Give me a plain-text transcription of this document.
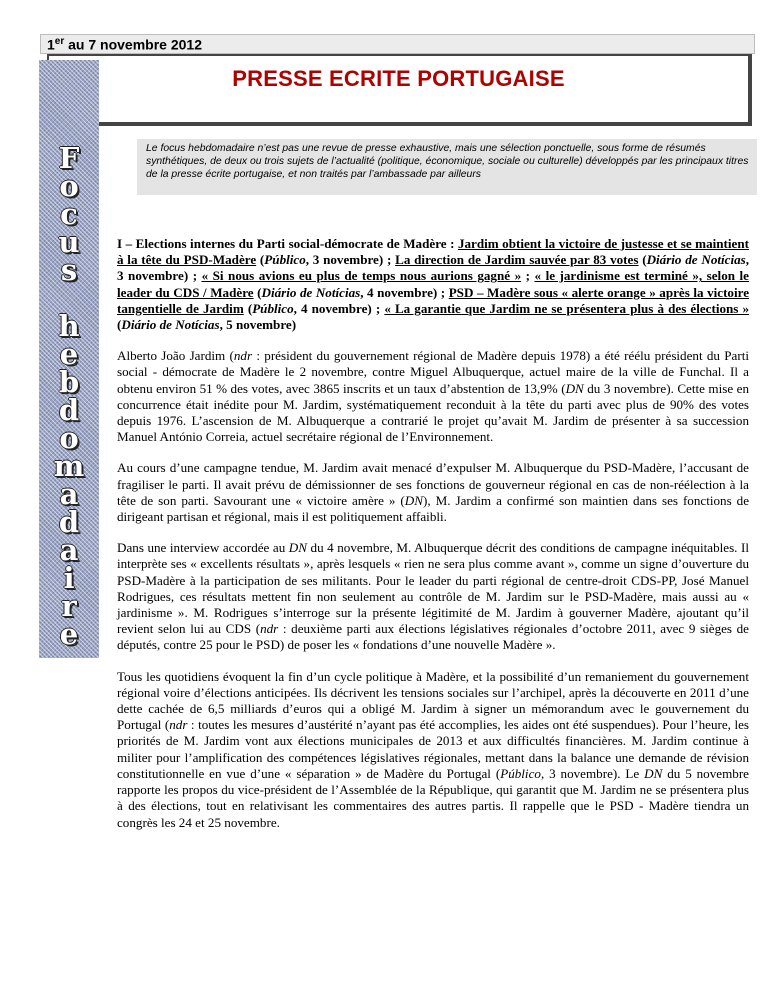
1er au 7 novembre 2012
PRESSE ECRITE PORTUGAISE
F
o
c
u
s
h
e
b
d
o
m
a
d
a
i
r
e
Le focus hebdomadaire n’est pas une revue de presse exhaustive, mais une sélection ponctuelle, sous forme de résumés synthétiques, de deux ou trois sujets de l’actualité (politique, économique, sociale ou culturelle) développés par les principaux titres de la presse écrite portugaise, et non traités par l’ambassade par ailleurs

I – Elections internes du Parti social-démocrate de Madère : Jardim obtient la victoire de justesse et se maintient à la tête du PSD-Madère (Público, 3 novembre) ; La direction de Jardim sauvée par 83 votes (Diário de Notícias, 3 novembre) ; « Si nous avions eu plus de temps nous aurions gagné » ; « le jardinisme est terminé », selon le leader du CDS / Madère (Diário de Notícias, 4 novembre) ; PSD – Madère sous « alerte orange » après la victoire tangentielle de Jardim (Público, 4 novembre) ; « La garantie que Jardim ne se présentera plus à des élections » (Diário de Notícias, 5 novembre)

Alberto João Jardim (ndr : président du gouvernement régional de Madère depuis 1978) a été réélu président du Parti social - démocrate de Madère le 2 novembre, contre Miguel Albuquerque, actuel maire de la ville de Funchal. Il a obtenu environ 51 % des votes, avec 3865 inscrits et un taux d’abstention de 13,9% (DN du 3 novembre). Cette mise en concurrence était inédite pour M. Jardim, systématiquement reconduit à la tête du parti avec plus de 90% des votes depuis 1976. L’ascension de M. Albuquerque a contrarié le projet qu’avait M. Jardim de présenter à sa succession Manuel António Correia, actuel secrétaire régional de l’Environnement.

Au cours d’une campagne tendue, M. Jardim avait menacé d’expulser M. Albuquerque du PSD-Madère, l’accusant de fragiliser le parti. Il avait prévu de démissionner de ses fonctions de gouverneur régional en cas de non-réélection à la tête de son parti. Savourant une « victoire amère » (DN), M. Jardim a confirmé son maintien dans ses fonctions de dirigeant partisan et régional, mais il est politiquement affaibli.

Dans une interview accordée au DN du 4 novembre, M. Albuquerque décrit des conditions de campagne inéquitables. Il interprète ses « excellents résultats », après lesquels « rien ne sera plus comme avant », comme un signe d’ouverture du PSD-Madère à la participation de ses militants. Pour le leader du parti régional de centre-droit CDS-PP, José Manuel Rodrigues, ces résultats mettent fin non seulement au contrôle de M. Jardim sur le PSD-Madère, mais aussi au « jardinisme ». M. Rodrigues s’interroge sur la présente légitimité de M. Jardim à gouverner Madère, ajoutant qu’il revient selon lui au CDS (ndr : deuxième parti aux élections législatives régionales d’octobre 2011, avec 9 sièges de députés, contre 25 pour le PSD) de poser les « fondations d’une nouvelle Madère ».

Tous les quotidiens évoquent la fin d’un cycle politique à Madère, et la possibilité d’un remaniement du gouvernement régional voire d’élections anticipées. Ils décrivent les tensions sociales sur l’archipel, après la découverte en 2011 d’une dette cachée de 6,5 milliards d’euros qui a obligé M. Jardim à signer un mémorandum avec le gouvernement du Portugal (ndr : toutes les mesures d’austérité n’ayant pas été accomplies, les aides ont été suspendues). Pour l’heure, les priorités de M. Jardim vont aux élections municipales de 2013 et aux difficultés financières. M. Jardim continue à militer pour l’amplification des compétences législatives régionales, mettant dans la balance une demande de révision constitutionnelle en vue d’une « séparation » de Madère du Portugal (Público, 3 novembre). Le DN du 5 novembre rapporte les propos du vice-président de l’Assemblée de la République, qui garantit que M. Jardim ne se présentera plus à des élections, tout en relativisant les commentaires des autres partis. Il rappelle que le PSD - Madère tiendra un congrès les 24 et 25 novembre.
